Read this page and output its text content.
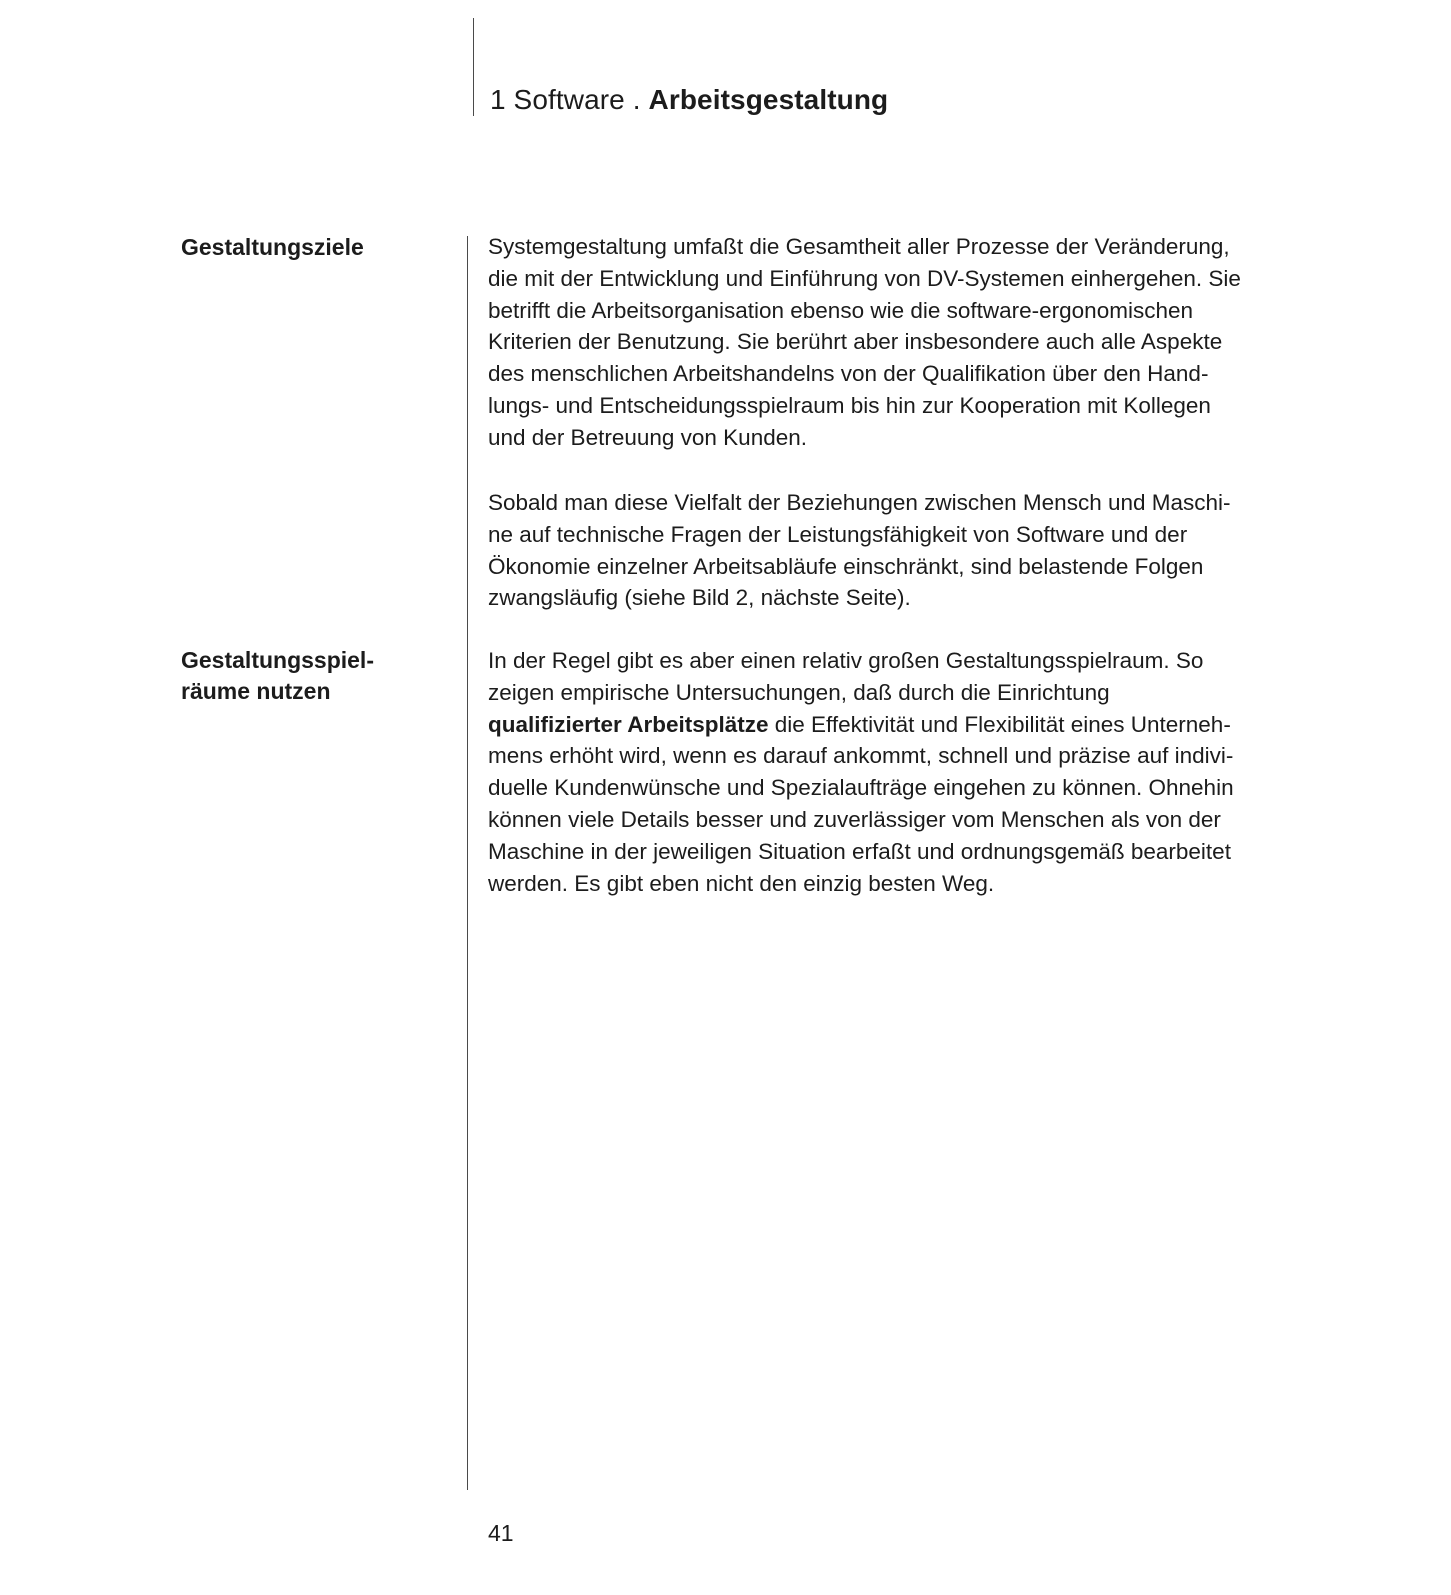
1 Software . Arbeitsgestaltung
Gestaltungsziele
Gestaltungsspiel-
räume nutzen

Systemgestaltung umfaßt die Gesamtheit aller Prozesse der Veränderung,
die mit der Entwicklung und Einführung von DV-Systemen einhergehen. Sie
betrifft die Arbeitsorganisation ebenso wie die software-ergonomischen
Kriterien der Benutzung. Sie berührt aber insbesondere auch alle Aspekte
des menschlichen Arbeitshandelns von der Qualifikation über den Hand-
lungs- und Entscheidungsspielraum bis hin zur Kooperation mit Kollegen
und der Betreuung von Kunden.

Sobald man diese Vielfalt der Beziehungen zwischen Mensch und Maschi-
ne auf technische Fragen der Leistungsfähigkeit von Software und der
Ökonomie einzelner Arbeitsabläufe einschränkt, sind belastende Folgen
zwangsläufig (siehe Bild 2, nächste Seite).

In der Regel gibt es aber einen relativ großen Gestaltungsspielraum. So
zeigen empirische Untersuchungen, daß durch die Einrichtung
qualifizierter Arbeitsplätze die Effektivität und Flexibilität eines Unterneh-
mens erhöht wird, wenn es darauf ankommt, schnell und präzise auf indivi-
duelle Kundenwünsche und Spezialaufträge eingehen zu können. Ohnehin
können viele Details besser und zuverlässiger vom Menschen als von der
Maschine in der jeweiligen Situation erfaßt und ordnungsgemäß bearbeitet
werden. Es gibt eben nicht den einzig besten Weg.

41
